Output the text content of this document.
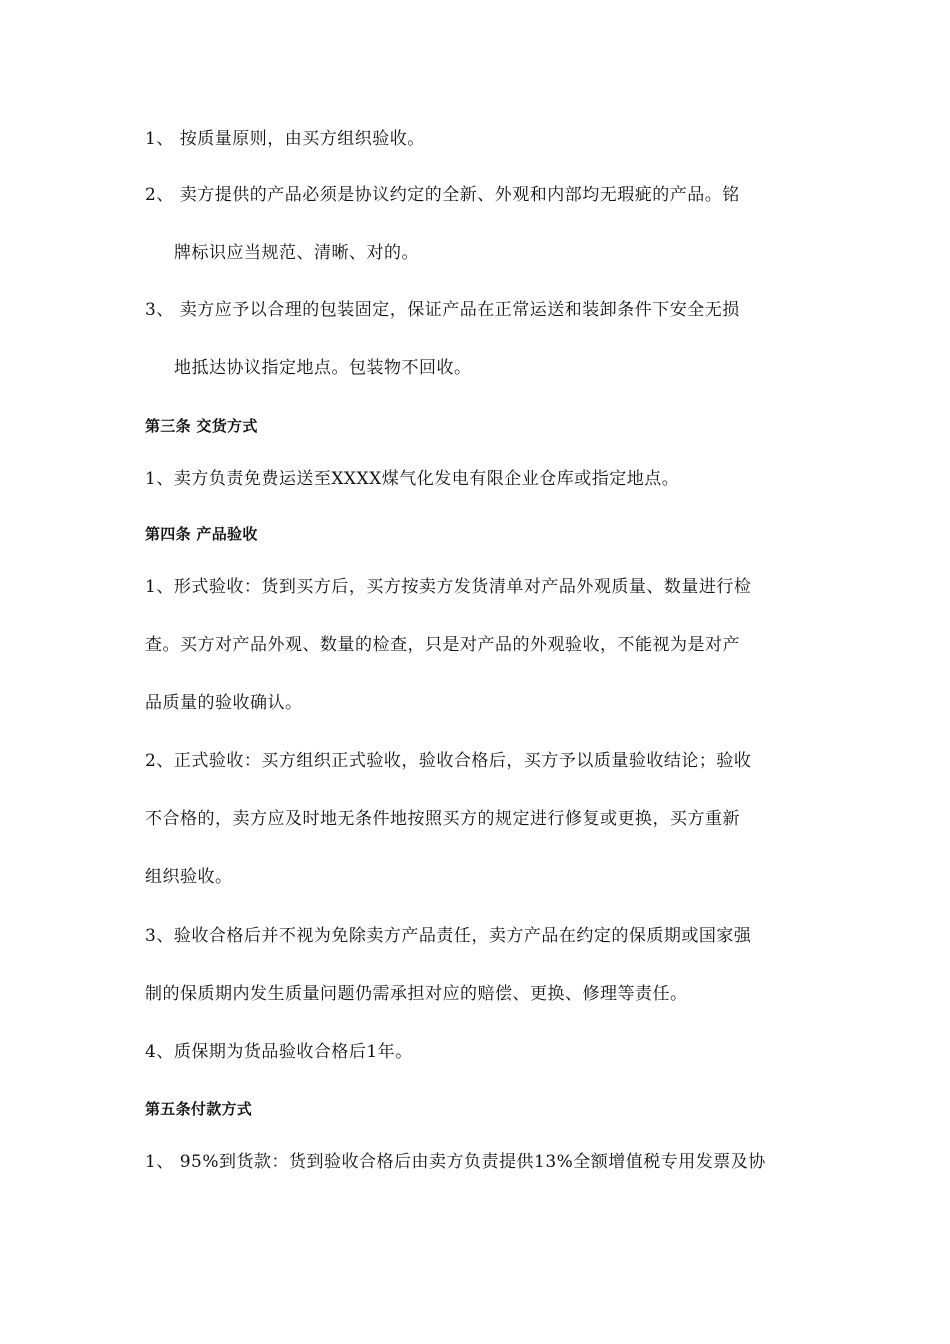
1、 按质量原则，由买方组织验收。
2、 卖方提供的产品必须是协议约定的全新、外观和内部均无瑕疵的产品。铭
牌标识应当规范、清晰、对的。
3、 卖方应予以合理的包装固定，保证产品在正常运送和装卸条件下安全无损
地抵达协议指定地点。包装物不回收。
第三条 交货方式
1、卖方负责免费运送至XXXX煤气化发电有限企业仓库或指定地点。
第四条 产品验收
1、形式验收：货到买方后，买方按卖方发货清单对产品外观质量、数量进行检
查。买方对产品外观、数量的检查，只是对产品的外观验收，不能视为是对产
品质量的验收确认。
2、正式验收：买方组织正式验收，验收合格后，买方予以质量验收结论；验收
不合格的，卖方应及时地无条件地按照买方的规定进行修复或更换，买方重新
组织验收。
3、验收合格后并不视为免除卖方产品责任，卖方产品在约定的保质期或国家强
制的保质期内发生质量问题仍需承担对应的赔偿、更换、修理等责任。
4、质保期为货品验收合格后1年。
第五条付款方式
1、 95%到货款：货到验收合格后由卖方负责提供13%全额增值税专用发票及协
